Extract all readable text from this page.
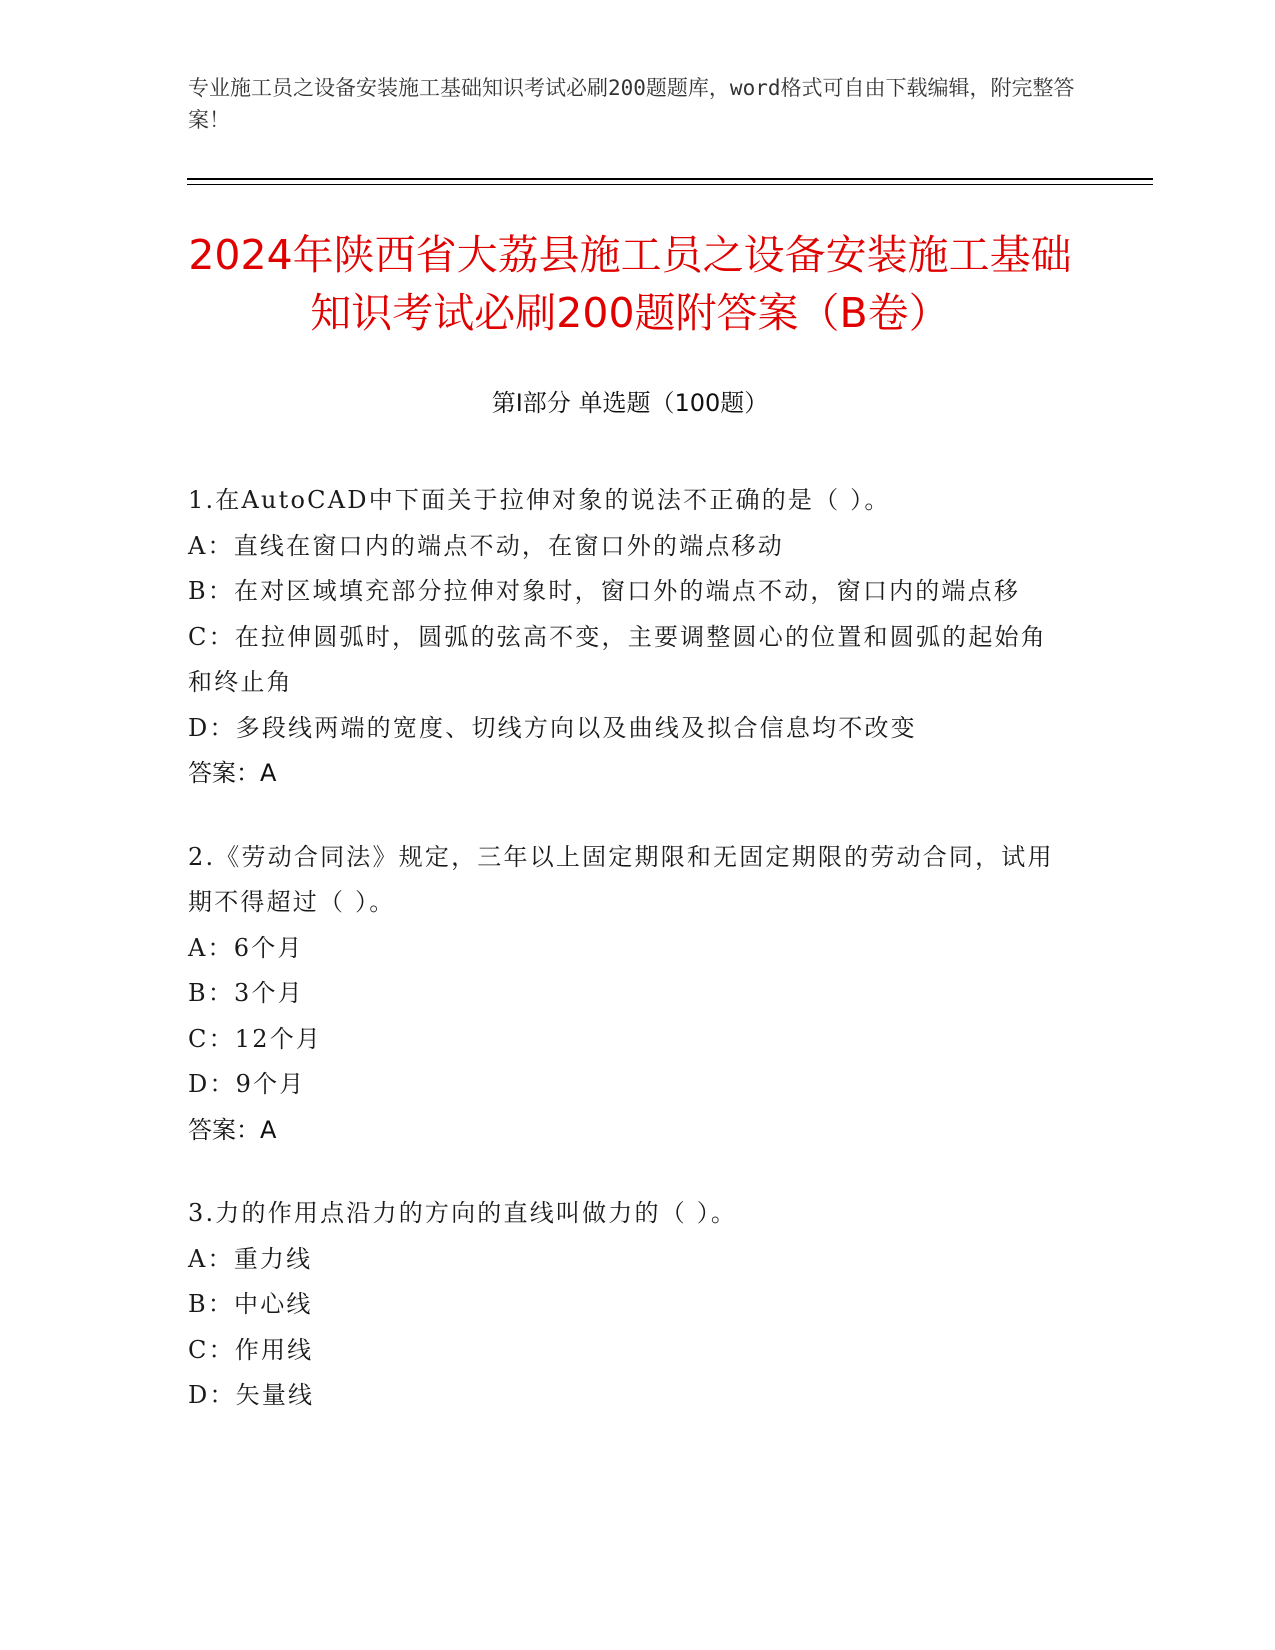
专业施工员之设备安装施工基础知识考试必刷200题题库，word格式可自由下载编辑，附完整答案！
2024年陕西省大荔县施工员之设备安装施工基础知识考试必刷200题附答案（B卷）
第Ⅰ部分 单选题（100题）
1.在AutoCAD中下面关于拉伸对象的说法不正确的是（ ）。
A：直线在窗口内的端点不动，在窗口外的端点移动
B：在对区域填充部分拉伸对象时，窗口外的端点不动，窗口内的端点移
C：在拉伸圆弧时，圆弧的弦高不变，主要调整圆心的位置和圆弧的起始角和终止角
D：多段线两端的宽度、切线方向以及曲线及拟合信息均不改变
答案：A
2.《劳动合同法》规定，三年以上固定期限和无固定期限的劳动合同，试用期不得超过（ ）。
A：6个月
B：3个月
C：12个月
D：9个月
答案：A
3.力的作用点沿力的方向的直线叫做力的（ ）。
A：重力线
B：中心线
C：作用线
D：矢量线
